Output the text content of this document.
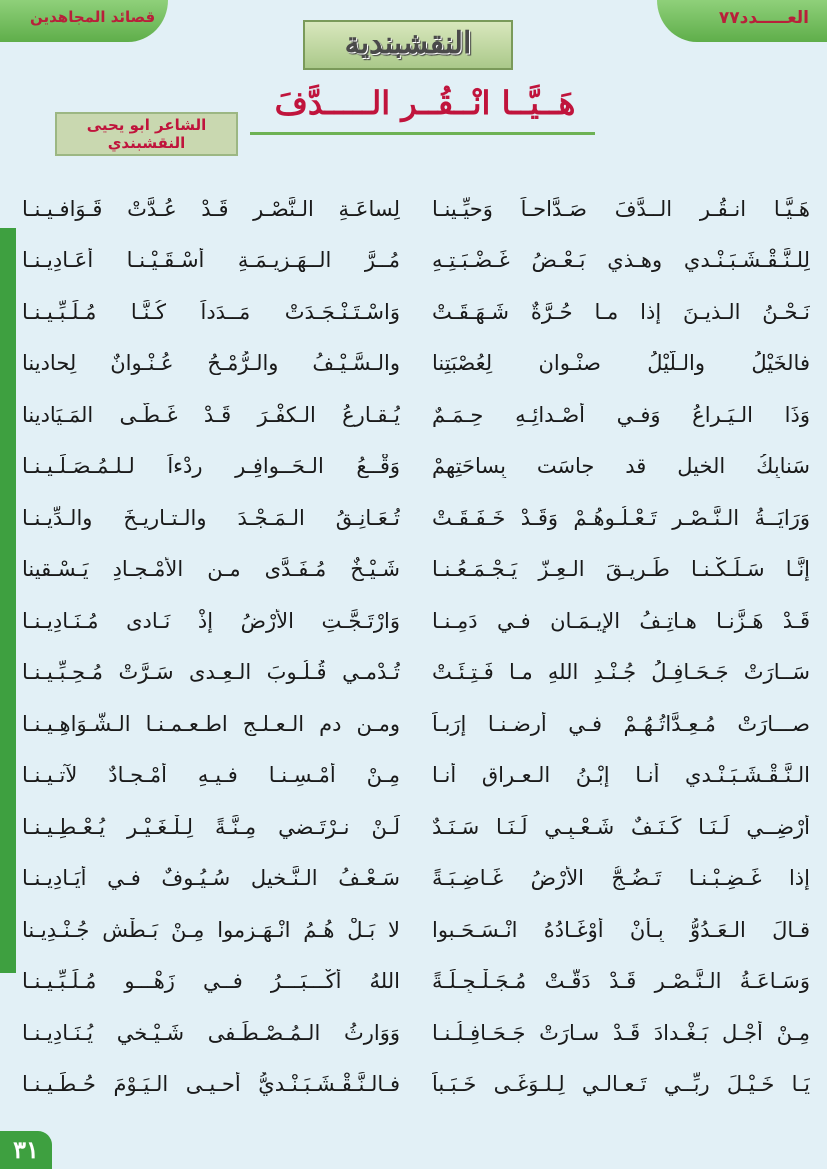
قصائد المجاهدين	العـــــدد٧٧
النقشبندية
هَــيَّــا انْــقُــر الـــــدَّفَ
الشاعر ابو يحيى
النقشبندي
هَـيَّـا انـقُـر الــدَّفَ صَـدَّاحـاً وَحيِّـينـا
لِساعَـةِ الـنَّصْـرِ قَـدْ عُـدَّتْ قَـوَافـيـنـا
لِلـنَّـقْـشَـبَـنْـدي وهـذي بَـعْـضُ غَـضْـبَـتِـهِ
مُــرَّ الــهَـزيـمَـةِ أسْـقَـيْـنـا أعَـادِيـنـا
نَـحْـنُ الـذيـنَ إذا مـا حُـرَّةٌ شَـهَـقَـتْ
وَاسْـتَـنْـجَـدَتْ مَــدَداً كُـنَّـا مُـلَـبِّـيـنـا
فالخَيْلُ والـلّيْلُ صنْـوانِ لِعُصْبَتِنا
والـسَّـيْـفُ والـرُّمْـحُ عُـنْـوانٌ لِحادينا
وَذَا الـيَـراعُ وَفـي أَصْـدائِـهِ حِـمَـمٌ
يُـقـارِعُ الـكفْـرَ قَـدْ غَـطَّـى المَـيَادينا
سَنابِكُ الخيل قد جاسَت بِساحَتِهِمْ
وَقْــعُ الـحَــوافِـرِ رِدْءاً لـلـمُـصَـلِّـيـنـا
وَرَايَــةُ الـنَّـصْـرِ تَـعْـلُـوهُـمْ وَقَـدْ خَـفَـقَـتْ
تُـعَـانِـقُ الـمَـجْـدَ والـتـاريـخَ والـدِّيـنـا
إنَّـا سَـلَـكْـنـا طَـريـقَ الـعِـزّ يَـجْـمَـعُـنـا
شَـيْـخٌ مُـفَـدًّى مـن الأمْـجـادِ يَـسْـقينا
قَـدْ هَـزَّنـا هـاتِـفُ الإيـمَـانِ فـي دَمِـنـا
وَارْتَـجَّـتِ الأرْضُ إذْ نَـادى مُـنَـادِيـنـا
سَــارَتْ جَـحَـافِـلُ جُـنْـدِ اللهِ مـا فَـتِـئَـتْ
تُـدْمـي قُـلُـوبَ الـعِـدى سَـرَّتْ مُـحِـبِّـيـنـا
صـــارَتْ مُـعِـدَّاتُـهُـمْ فـي أرضـنـا إرَبـاً
ومـن دم الـعـلـج اطـعـمـنـا الـشَّـوَاهِـيـنـا
الـنَّـقْـشَـبَـنْـدي أنـا إبْـنُ الـعـراقِ أنـا
مِـنْ أَمْـسِـنـا فـيـهِ أمْـجـادٌ لآتـيـنـا
أرْضِــي لَـنَـا كَـنَـفٌ شَـعْـبِـي لَـنَـا سَـنَـدٌ
لَـنْ نـرْتَـضي مِـنَّـةً لِـلْـغَـيْـرِ يُـعْـطِـيـنـا
إذا غَـضِـبْـنـا تَـضُـجُّ الأرْضُ غَـاضِـبَـةً
سَـعْـفُ الـنَّـخيلِ سُـيُـوفٌ فـي أيَـادِيـنـا
قـالَ الـعَـدُوُّ بِـأَنْ أوْغَـادُهُ انْـسَـحَـبوا
لا بَـلْ هُـمُ انْـهَـزموا مِـنْ بَـطْشِ جُـنْـدِيـنا
وَسَـاعَـةُ الـنَّـصْـرِ قَـدْ دَقَّـتْ مُـجَـلْـجِـلَـةً
اللهُ أكْـــبَـــرُ فــي زَهْـــوٍ مُـلَـبِّـيـنـا
مِـنْ أجْـلِ بَـغْـدادَ قَـدْ سـارَتْ جَـحَـافِـلُـنـا
وَوَارِثُ الـمُـصْـطَـفى شَـيْـخي يُـنَـادِيـنـا
يَـا خَـيْـلَ رِبِّــي تَـعـالـي لِـلـوَغَـى خَـبَـباً
فـالـنَّـقْـشَـبَـنْـديُّ أحـيـى الـيَـوْمَ حُـطِّـيـنـا
٣١
